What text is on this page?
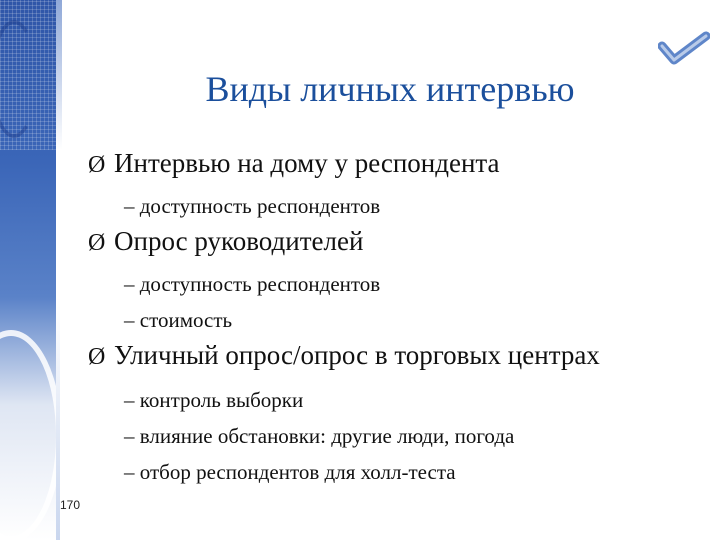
Виды личных интервью
Ø Интервью на дому у респондента
– доступность респондентов
Ø Опрос руководителей
– доступность респондентов
– стоимость
Ø Уличный опрос/опрос в торговых центрах
– контроль выборки
– влияние обстановки: другие люди, погода
– отбор респондентов для холл-теста
170
